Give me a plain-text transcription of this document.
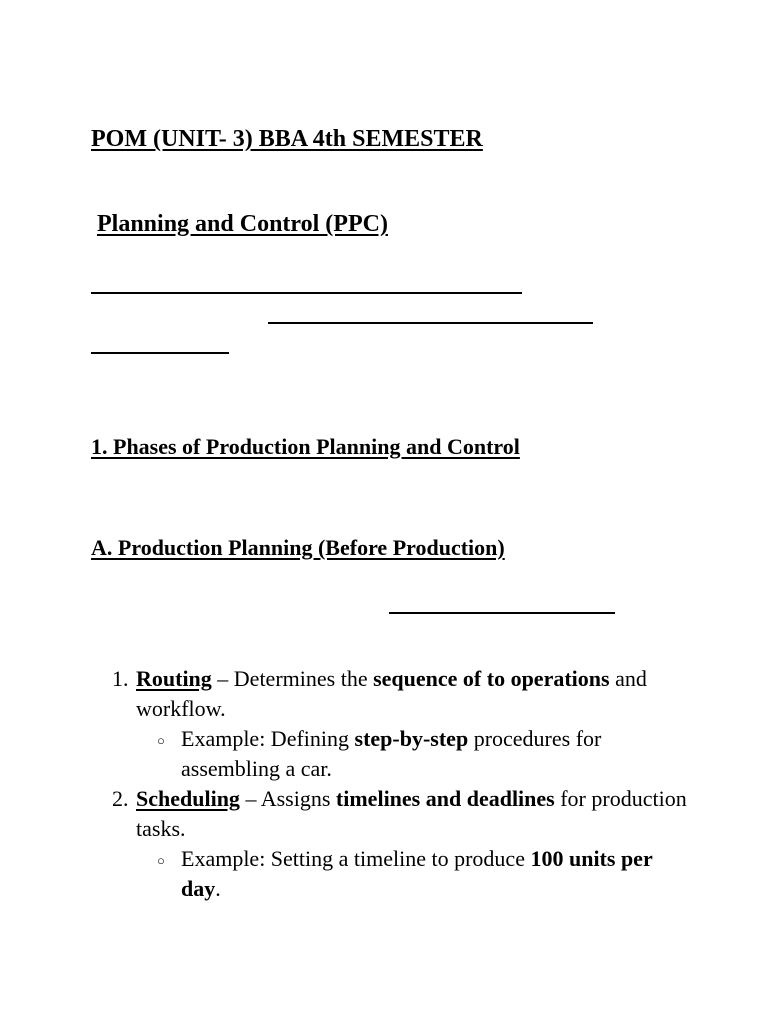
POM (UNIT- 3) BBA 4th SEMESTER
Planning and Control (PPC)
1. Phases of Production Planning and Control
A. Production Planning (Before Production)
1. Routing – Determines the sequence of to operations and workflow.
○ Example: Defining step-by-step procedures for assembling a car.
2. Scheduling – Assigns timelines and deadlines for production tasks.
○ Example: Setting a timeline to produce 100 units per day.
